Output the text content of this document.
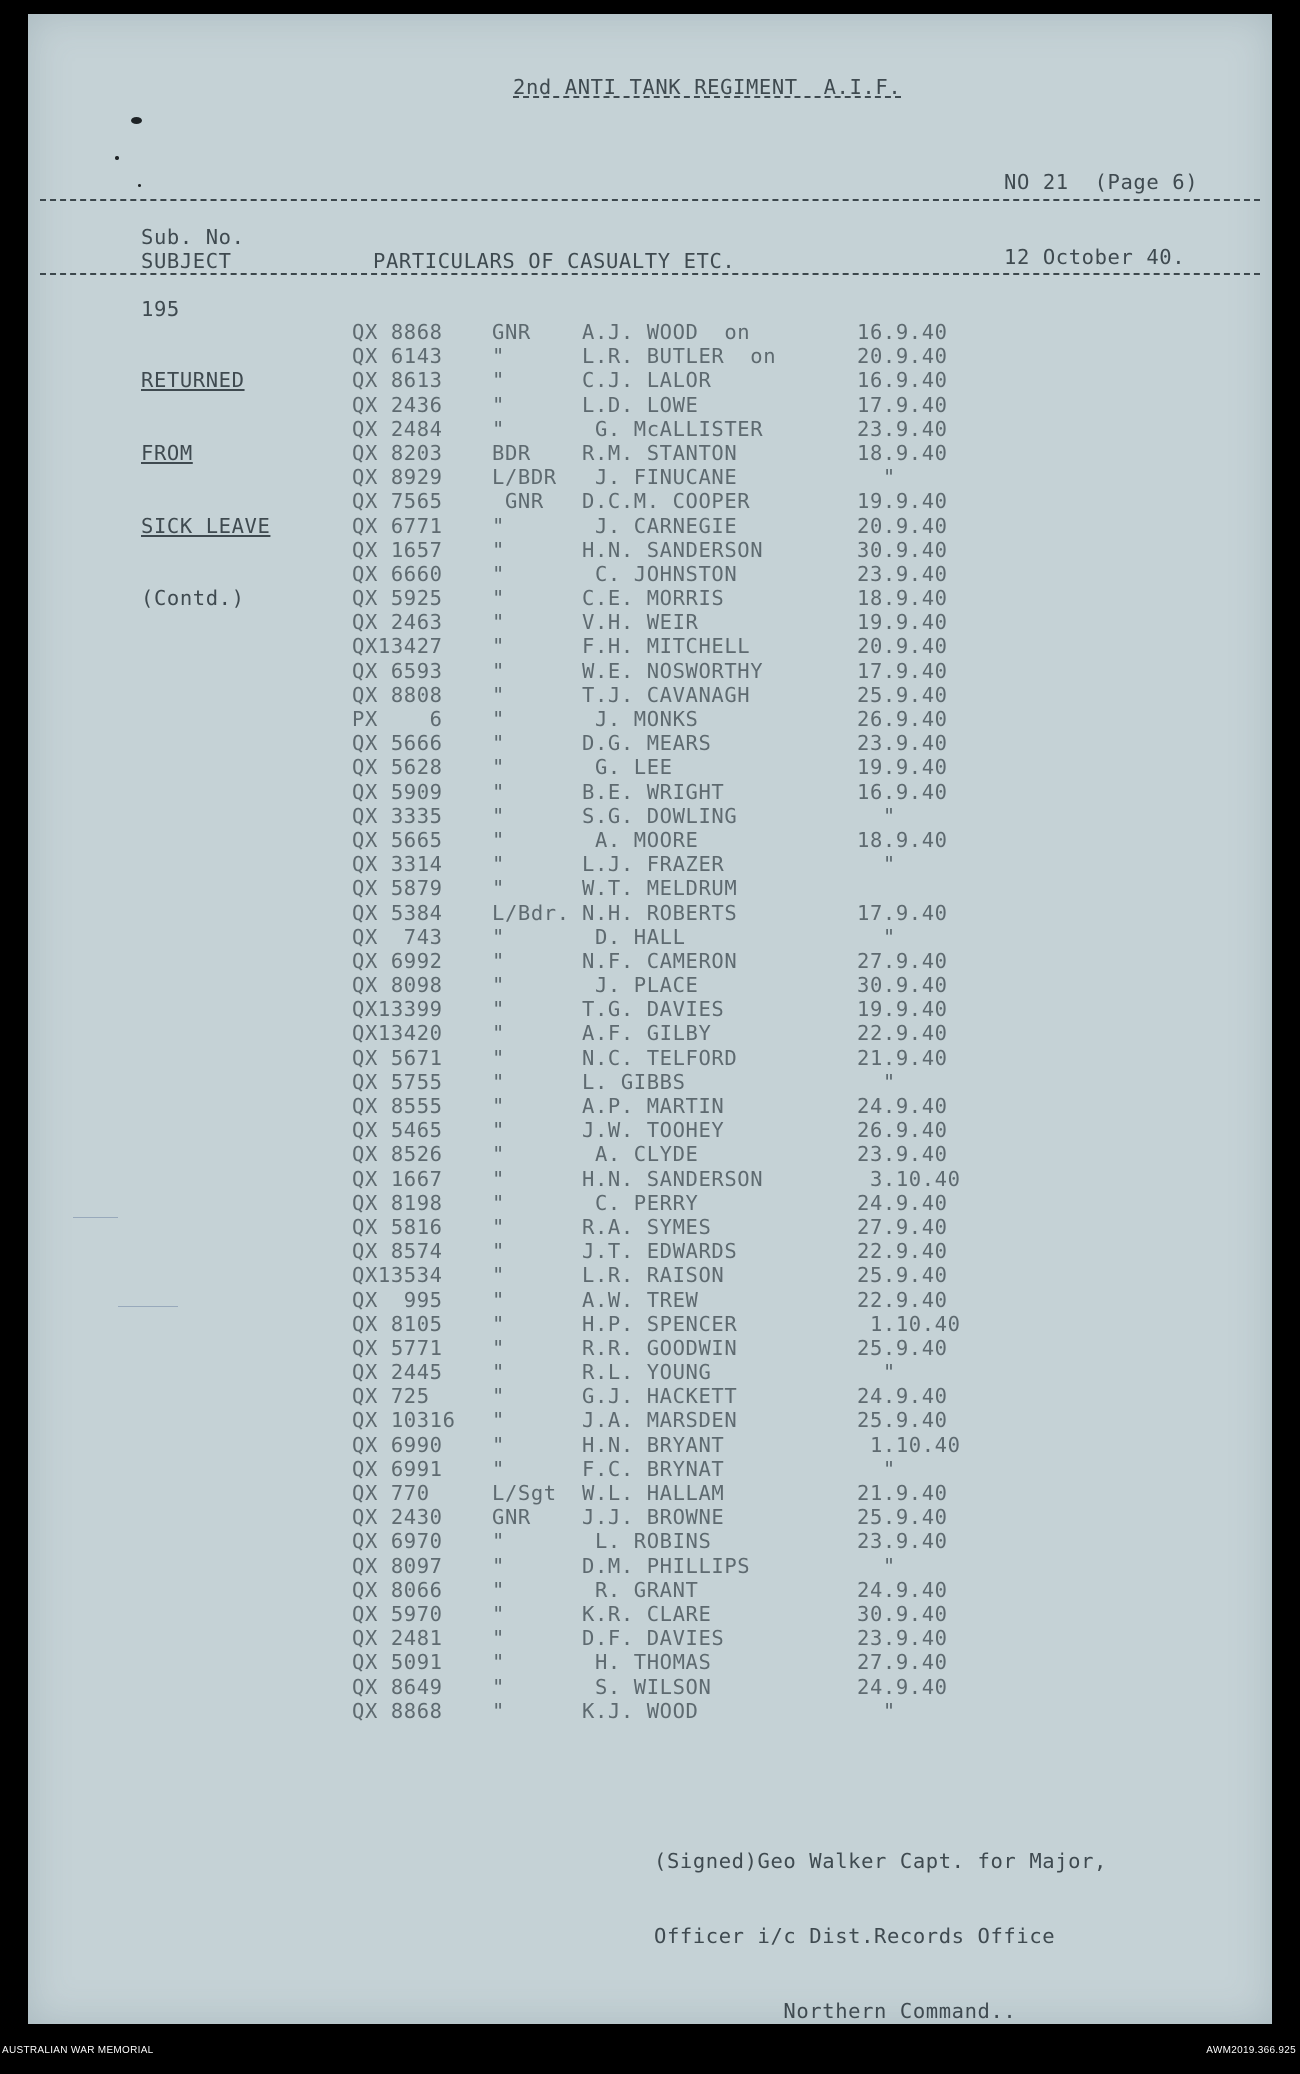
2nd ANTI TANK REGIMENT  A.I.F.

NO 21  (Page 6)

12 October 40.

Sub. No.
SUBJECT	PARTICULARS OF CASUALTY ETC.
195

RETURNED

FROM

SICK LEAVE

(Contd.)

QX 8868 GNR A.J. WOOD  on	16.9.40
QX 6143 "	L.R. BUTLER  on	20.9.40
QX 8613 "	C.J. LALOR	16.9.40
QX 2436 "	L.D. LOWE	17.9.40
QX 2484 "	G. McALLISTER	23.9.40
QX 8203 BDR R.M. STANTON	18.9.40
QX 8929 L/BDR J. FINUCANE	"
QX 7565 GNR D.C.M. COOPER	19.9.40
QX 6771 "	J. CARNEGIE	20.9.40
QX 1657 "	H.N. SANDERSON	30.9.40
QX 6660 "	C. JOHNSTON	23.9.40
QX 5925 "	C.E. MORRIS	18.9.40
QX 2463 "	V.H. WEIR	19.9.40
QX13427 "	F.H. MITCHELL	20.9.40
QX 6593 "	W.E. NOSWORTHY	17.9.40
QX 8808 "	T.J. CAVANAGH	25.9.40
PX    6 "	J. MONKS	26.9.40
QX 5666 "	D.G. MEARS	23.9.40
QX 5628 "	G. LEE	19.9.40
QX 5909 "	B.E. WRIGHT	16.9.40
QX 3335 "	S.G. DOWLING	"
QX 5665 "	A. MOORE	18.9.40
QX 3314 "	L.J. FRAZER	"
QX 5879 "	W.T. MELDRUM
QX 5384 L/Bdr. N.H. ROBERTS	17.9.40
QX  743 "	D. HALL	"
QX 6992 "	N.F. CAMERON	27.9.40
QX 8098 "	J. PLACE	30.9.40
QX13399 "	T.G. DAVIES	19.9.40
QX13420 "	A.F. GILBY	22.9.40
QX 5671 "	N.C. TELFORD	21.9.40
QX 5755 "	L. GIBBS	"
QX 8555 "	A.P. MARTIN	24.9.40
QX 5465 "	J.W. TOOHEY	26.9.40
QX 8526 "	A. CLYDE	23.9.40
QX 1667 "	H.N. SANDERSON	3.10.40
QX 8198 "	C. PERRY	24.9.40
QX 5816 "	R.A. SYMES	27.9.40
QX 8574 "	J.T. EDWARDS	22.9.40
QX13534 "	L.R. RAISON	25.9.40
QX  995 "	A.W. TREW	22.9.40
QX 8105 "	H.P. SPENCER	1.10.40
QX 5771 "	R.R. GOODWIN	25.9.40
QX 2445 "	R.L. YOUNG	"
QX 725	"	G.J. HACKETT	24.9.40
QX 10316 "	J.A. MARSDEN	25.9.40
QX 6990 "	H.N. BRYANT	1.10.40
QX 6991 "	F.C. BRYNAT	"
QX 770	L/Sgt W.L. HALLAM	21.9.40
QX 2430 GNR J.J. BROWNE	25.9.40
QX 6970 "	L. ROBINS	23.9.40
QX 8097 "	D.M. PHILLIPS	"
QX 8066 "	R. GRANT	24.9.40
QX 5970 "	K.R. CLARE	30.9.40
QX 2481 "	D.F. DAVIES	23.9.40
QX 5091 "	H. THOMAS	27.9.40
QX 8649 "	S. WILSON	24.9.40
QX 8868 "	K.J. WOOD	"

(Signed)Geo Walker Capt. for Major,

Officer i/c Dist.Records Office

Northern Command..

AUSTRALIAN WAR MEMORIAL	AWM2019.366.925
